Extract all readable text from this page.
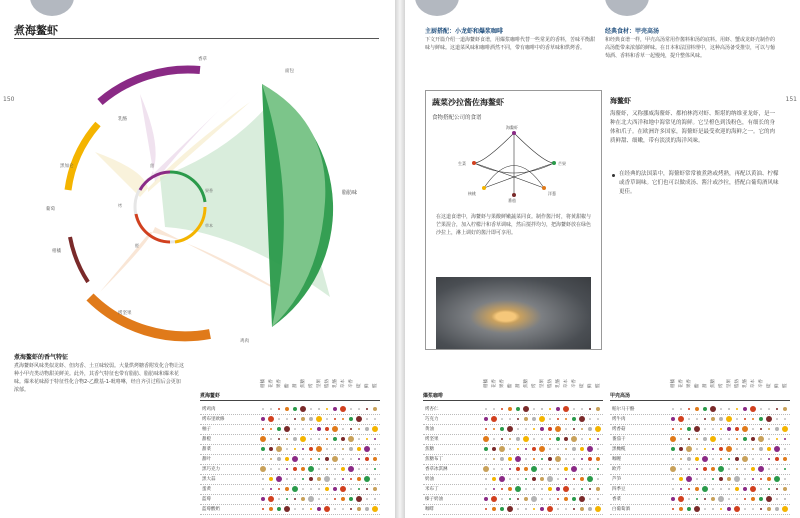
煮海鳌虾
150
香草
乳酪
黑加仑
葡萄
柑橘
烤坚果
鸡肉
面包
脂肪味
甜
果香
烤
草本
醛
煮海鳌虾的香气特征
煮海鳌虾风味类似龙虾、但肉香、土豆味较弱。大量烘烤糖香附发化合物让这种小甲壳类动物甜美鲜美。此外，其香气特征也带有脂肪、脂肪味和爆米花味。爆米花味源于特征性化合物2-乙酰基-1-吡咯啉，经自齐引过程后会更加浓郁。
柑橘 花香 果香 酯 甜 焦糖 烤 坚果 脂肪 乳酪 草本 辛香 硫 鲜 醛
煮海鳌虾
烤鸡肉
烤布里欧修
柚子
甜橙
甜菜
甜叶
黑巧克力
黑大蒜
蛋黄
蓝莓
蓝莓酸奶
151
主厨搭配：小龙虾和爆浆咖啡
下文开篇介绍一道海鳌虾食谱，用爆浆咖啡代替一些常见的香料，苦味平衡甜味与鲜味。这道菜风味和咖啡酒然不同，带有咖啡中的香草味和烘烤香。
经典食材：甲壳高汤
和经典食谱一样，甲壳高汤常用作酱料和汤的底料。用虾、蟹或龙虾壳制作的高汤能带来浓郁的鲜味。在日本和法国料理中，这种高汤备受推崇，可以与葡萄酒、香料和香草一起慢炖，提升整体风味。
蔬菜沙拉酱佐海鳌虾
食物搭配公司的食谱
海鳌虾
生菜	芒果
核桃	洋葱
番茄
在这道食谱中，海鳌虾与果酸鲜嫩蔬菜同食。制作酱汁时，将黄甜椒与芒果混合，加入柠檬汁和香草调味，然后搅拌均匀，把海鳌虾放在绿色沙拉上，淋上调好的酱汁即可享用。
海鳌虾
海鳌虾，又称挪威海鳌虾、都柏林湾对虾、斯堪的纳维亚龙虾，是一种在北大西洋和地中海常见的海鲜。它呈橙色到浅粉色，有细长的身体和爪子。在欧洲许多国家，海鳌虾是最受欢迎的海鲜之一。它的肉质鲜甜、细嫩，带有淡淡的海洋风味。
在经典的法国菜中，海鳌虾常常被煮熟或烤熟，再配以黄油、柠檬或香草调味。它们也可以做成汤、酱汁或沙拉，搭配白葡萄酒风味更佳。
柑橘 花香 果香 酯 甜 焦糖 烤 坚果 脂肪 乳酪 草本 辛香 硫 鲜 醛
爆浆咖啡
烤杏仁
巧克力
黄油
烤坚果
焦糖
焦糖布丁
香草冰淇淋
奶油
米布丁
榛子奶油
咖啡
柑橘 花香 果香 酯 甜 焦糖 烤 坚果 脂肪 乳酪 草本 辛香 硫 鲜 醛
甲壳高汤
帕尔马干酪
烤牛肉
烤香菇
番茄干
黑橄榄
咖喱
欧芹
芦笋
四季豆
香菜
白葡萄酒
